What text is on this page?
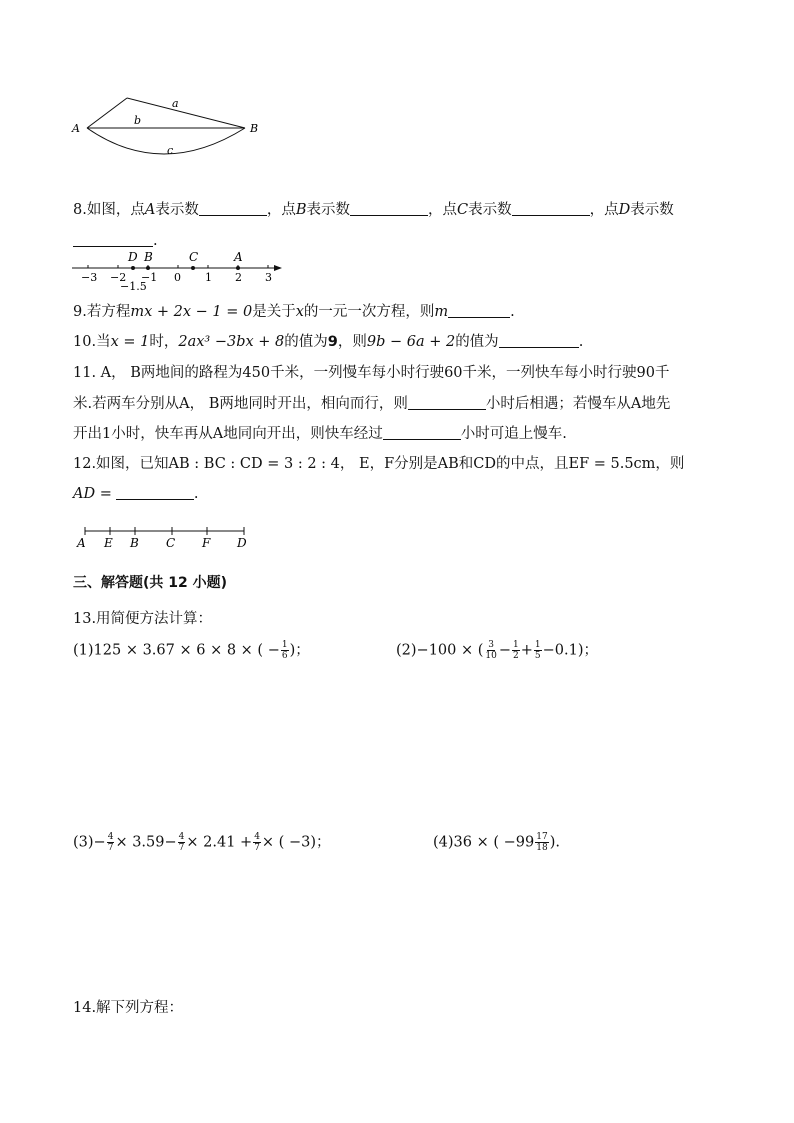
a
b
c
A	B
8.如图，点A表示数	，点B表示数	，点C表示数	，点D表示数
.
D B	C	A
−3 −2 −1 0 1 2 3
−1.5
9.若方程mx + 2x − 1 = 0是关于x的一元一次方程，则m	.
10.当x = 1时，2ax³ −3bx + 8的值为9，则9b − 6a + 2的值为	.
11. A， B两地间的路程为450千米，一列慢车每小时行驶60千米，一列快车每小时行驶90千
米.若两车分别从A， B两地同时开出，相向而行，则	小时后相遇；若慢车从A地先
开出1小时，快车再从A地同向开出，则快车经过	小时可追上慢车.
12.如图，已知AB : BC : CD = 3 : 2 : 4， E，F分别是AB和CD的中点，且EF = 5.5cm，则
AD =	.
A E B C F D
三、解答题(共 12 小题)
13.用简便方法计算：
(1)125 × 3.67 × 6 × 8 × ( − $\frac{1}{6}$ )；	(2)−100 × ( $\frac{3}{10} - \frac{1}{2} + \frac{1}{5} -0.1$)；
$(3)- \frac{4}{7} \times 3.59- \frac{4}{7} \times 2.41 + \frac{4}{7}$ × ( −3)；	(4)36 × ( $-99 \frac{17}{18}$ ).
14.解下列方程：
